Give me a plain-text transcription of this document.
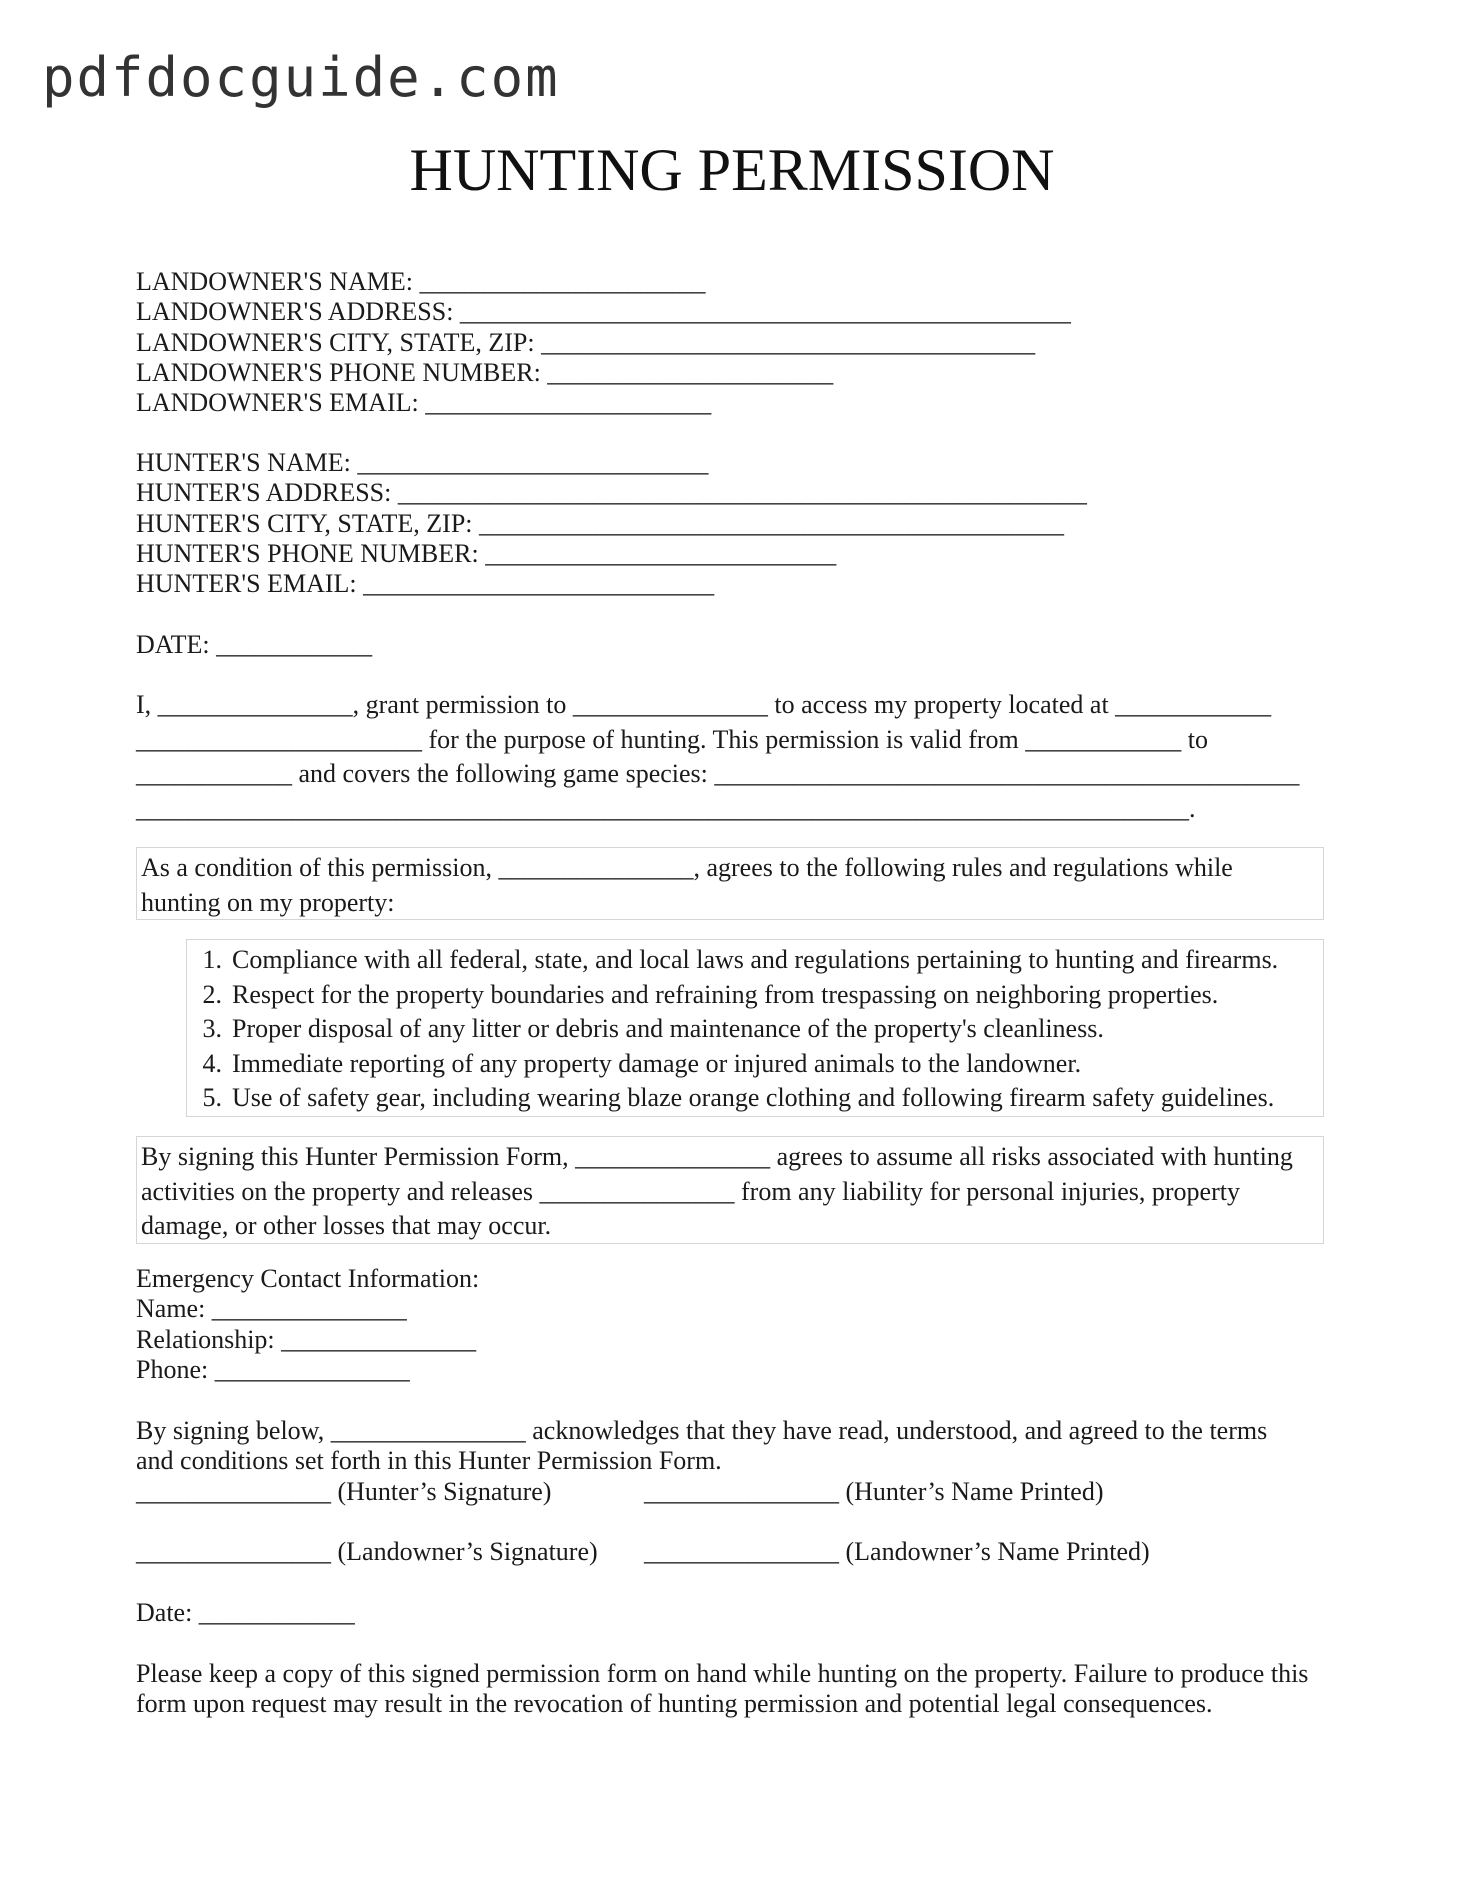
pdfdocguide.com
HUNTING PERMISSION
LANDOWNER'S NAME: ______________________
LANDOWNER'S ADDRESS: _______________________________________________
LANDOWNER'S CITY, STATE, ZIP: ______________________________________
LANDOWNER'S PHONE NUMBER: ______________________
LANDOWNER'S EMAIL: ______________________
HUNTER'S NAME: ___________________________
HUNTER'S ADDRESS: _____________________________________________________
HUNTER'S CITY, STATE, ZIP: _____________________________________________
HUNTER'S PHONE NUMBER: ___________________________
HUNTER'S EMAIL: ___________________________
DATE: ____________
I, _______________, grant permission to _______________ to access my property located at ____________
______________________ for the purpose of hunting. This permission is valid from ____________ to
____________ and covers the following game species: _____________________________________________
_________________________________________________________________________________.
As a condition of this permission, _______________, agrees to the following rules and regulations while
hunting on my property:
1. Compliance with all federal, state, and local laws and regulations pertaining to hunting and firearms.
2. Respect for the property boundaries and refraining from trespassing on neighboring properties.
3. Proper disposal of any litter or debris and maintenance of the property's cleanliness.
4. Immediate reporting of any property damage or injured animals to the landowner.
5. Use of safety gear, including wearing blaze orange clothing and following firearm safety guidelines.
By signing this Hunter Permission Form, _______________ agrees to assume all risks associated with hunting
activities on the property and releases _______________ from any liability for personal injuries, property
damage, or other losses that may occur.
Emergency Contact Information:
Name: _______________
Relationship: _______________
Phone: _______________
By signing below, _______________ acknowledges that they have read, understood, and agreed to the terms
and conditions set forth in this Hunter Permission Form.
_______________ (Hunter’s Signature)	_______________ (Hunter’s Name Printed)
_______________ (Landowner’s Signature)	_______________ (Landowner’s Name Printed)
Date: ____________
Please keep a copy of this signed permission form on hand while hunting on the property. Failure to produce this
form upon request may result in the revocation of hunting permission and potential legal consequences.
